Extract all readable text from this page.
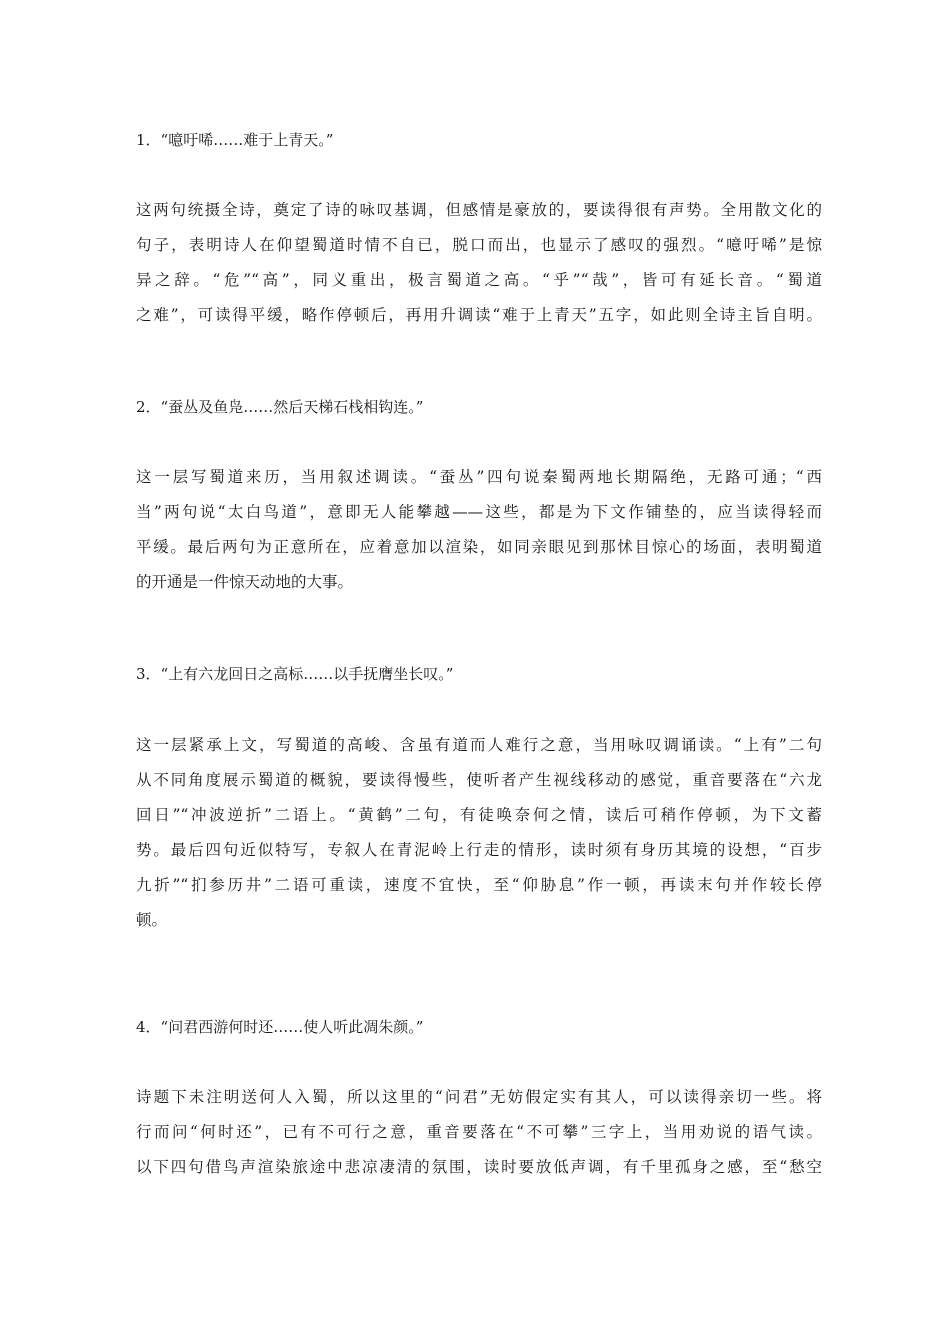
1．“噫吁唏……难于上青天。”
这两句统摄全诗，奠定了诗的咏叹基调，但感情是豪放的，要读得很有声势。全用散文化的
句子，表明诗人在仰望蜀道时情不自已，脱口而出，也显示了感叹的强烈。“噫吁唏”是惊
异之辞。“危”“高”，同义重出，极言蜀道之高。“乎”“哉”，皆可有延长音。“蜀道
之难”，可读得平缓，略作停顿后，再用升调读“难于上青天”五字，如此则全诗主旨自明。
2．“蚕丛及鱼凫……然后天梯石栈相钩连。”
这一层写蜀道来历，当用叙述调读。“蚕丛”四句说秦蜀两地长期隔绝，无路可通；“西
当”两句说“太白鸟道”，意即无人能攀越——这些，都是为下文作铺垫的，应当读得轻而
平缓。最后两句为正意所在，应着意加以渲染，如同亲眼见到那怵目惊心的场面，表明蜀道
的开通是一件惊天动地的大事。
3．“上有六龙回日之高标……以手抚膺坐长叹。”
这一层紧承上文，写蜀道的高峻、含虽有道而人难行之意，当用咏叹调诵读。“上有”二句
从不同角度展示蜀道的概貌，要读得慢些，使听者产生视线移动的感觉，重音要落在“六龙
回日”“冲波逆折”二语上。“黄鹤”二句，有徒唤奈何之情，读后可稍作停顿，为下文蓄
势。最后四句近似特写，专叙人在青泥岭上行走的情形，读时须有身历其境的设想，“百步
九折”“扪参历井”二语可重读，速度不宜快，至“仰胁息”作一顿，再读末句并作较长停
顿。
4．“问君西游何时还……使人听此凋朱颜。”
诗题下未注明送何人入蜀，所以这里的“问君”无妨假定实有其人，可以读得亲切一些。将
行而问“何时还”，已有不可行之意，重音要落在“不可攀”三字上，当用劝说的语气读。
以下四句借鸟声渲染旅途中悲凉凄清的氛围，读时要放低声调，有千里孤身之感，至“愁空
